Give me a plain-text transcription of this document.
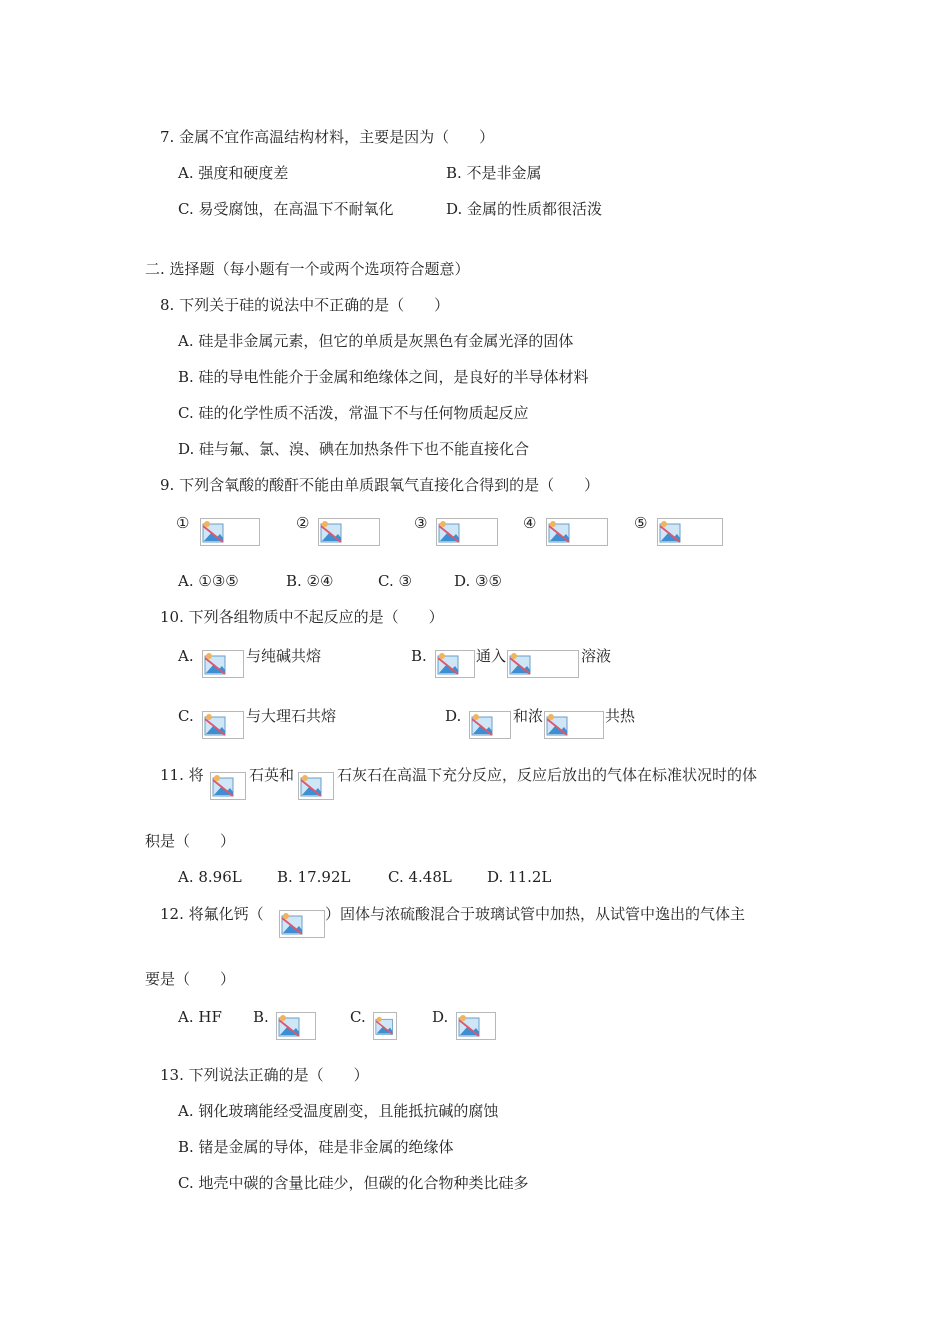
7. 金属不宜作高温结构材料，主要是因为（　　）
A. 强度和硬度差	B. 不是非金属
C. 易受腐蚀，在高温下不耐氧化	D. 金属的性质都很活泼
二. 选择题（每小题有一个或两个选项符合题意）
8. 下列关于硅的说法中不正确的是（　　）
A. 硅是非金属元素，但它的单质是灰黑色有金属光泽的固体
B. 硅的导电性能介于金属和绝缘体之间，是良好的半导体材料
C. 硅的化学性质不活泼，常温下不与任何物质起反应
D. 硅与氟、氯、溴、碘在加热条件下也不能直接化合
9. 下列含氧酸的酸酐不能由单质跟氧气直接化合得到的是（　　）
①	②	③	④	⑤
A. ①③⑤	B. ②④	C. ③	D. ③⑤
10. 下列各组物质中不起反应的是（　　）
A.	与纯碱共熔	B.	通入	溶液
C.	与大理石共熔	D.	和浓	共热
11. 将	石英和	石灰石在高温下充分反应，反应后放出的气体在标准状况时的体
积是（　　）
A. 8.96L B. 17.92L	C. 4.48L D. 11.2L
12. 将氟化钙（	）固体与浓硫酸混合于玻璃试管中加热，从试管中逸出的气体主
要是（　　）
A. HF B.	C.	D.
13. 下列说法正确的是（　　）
A. 钢化玻璃能经受温度剧变，且能抵抗碱的腐蚀
B. 锗是金属的导体，硅是非金属的绝缘体
C. 地壳中碳的含量比硅少，但碳的化合物种类比硅多
